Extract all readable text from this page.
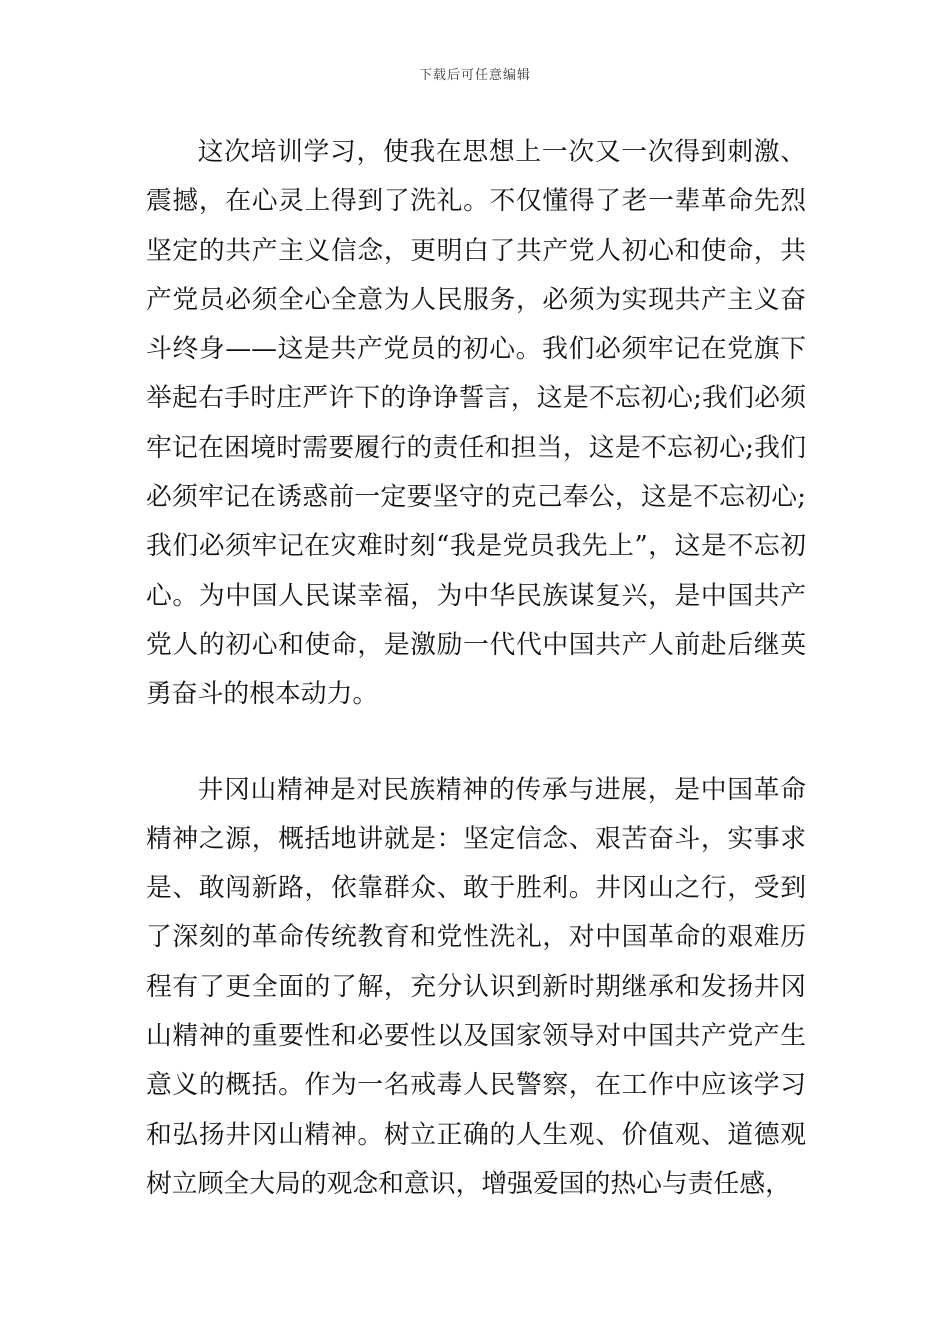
下载后可任意编辑

这次培训学习，使我在思想上一次又一次得到刺激、震撼，在心灵上得到了洗礼。不仅懂得了老一辈革命先烈坚定的共产主义信念，更明白了共产党人初心和使命，共产党员必须全心全意为人民服务，必须为实现共产主义奋斗终身——这是共产党员的初心。我们必须牢记在党旗下举起右手时庄严许下的诤诤誓言，这是不忘初心;我们必须牢记在困境时需要履行的责任和担当，这是不忘初心;我们必须牢记在诱惑前一定要坚守的克己奉公，这是不忘初心;我们必须牢记在灾难时刻“我是党员我先上”，这是不忘初心。为中国人民谋幸福，为中华民族谋复兴，是中国共产党人的初心和使命，是激励一代代中国共产人前赴后继英勇奋斗的根本动力。

井冈山精神是对民族精神的传承与进展，是中国革命精神之源，概括地讲就是：坚定信念、艰苦奋斗，实事求是、敢闯新路，依靠群众、敢于胜利。井冈山之行，受到了深刻的革命传统教育和党性洗礼，对中国革命的艰难历程有了更全面的了解，充分认识到新时期继承和发扬井冈山精神的重要性和必要性以及国家领导对中国共产党产生意义的概括。作为一名戒毒人民警察，在工作中应该学习和弘扬井冈山精神。树立正确的人生观、价值观、道德观树立顾全大局的观念和意识，增强爱国的热心与责任感，
